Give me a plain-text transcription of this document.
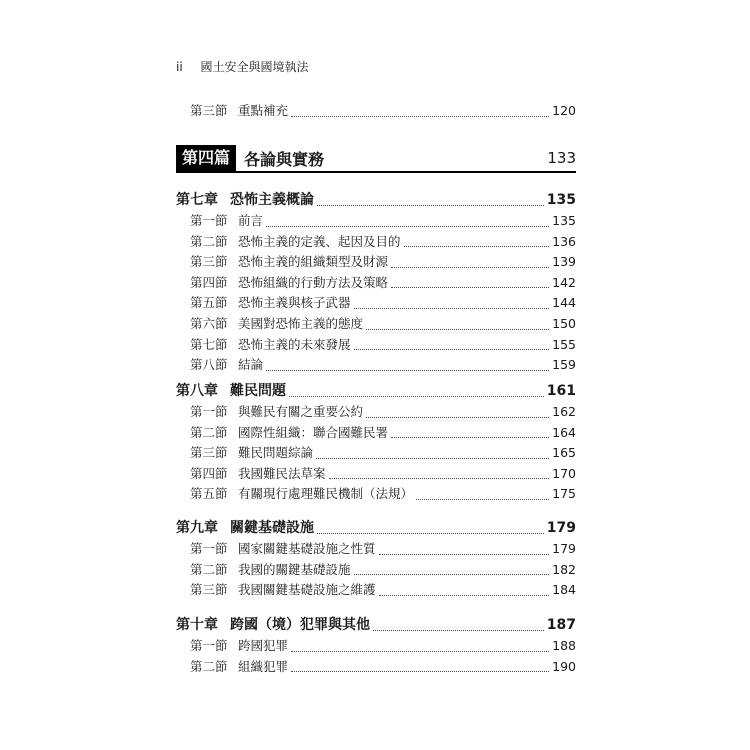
ii 國土安全與國境執法
第三節 重點補充	120
第四篇 各論與實務	133
第七章 恐怖主義概論	135
第一節 前言	135
第二節 恐怖主義的定義、起因及目的	136
第三節 恐怖主義的組織類型及財源	139
第四節 恐怖組織的行動方法及策略	142
第五節 恐怖主義與核子武器	144
第六節 美國對恐怖主義的態度	150
第七節 恐怖主義的未來發展	155
第八節 結論	159
第八章 難民問題	161
第一節 與難民有關之重要公約	162
第二節 國際性組織：聯合國難民署	164
第三節 難民問題綜論	165
第四節 我國難民法草案	170
第五節 有關現行處理難民機制（法規）	175
第九章 關鍵基礎設施	179
第一節 國家關鍵基礎設施之性質	179
第二節 我國的關鍵基礎設施	182
第三節 我國關鍵基礎設施之維護	184
第十章 跨國（境）犯罪與其他	187
第一節 跨國犯罪	188
第二節 組織犯罪	190
